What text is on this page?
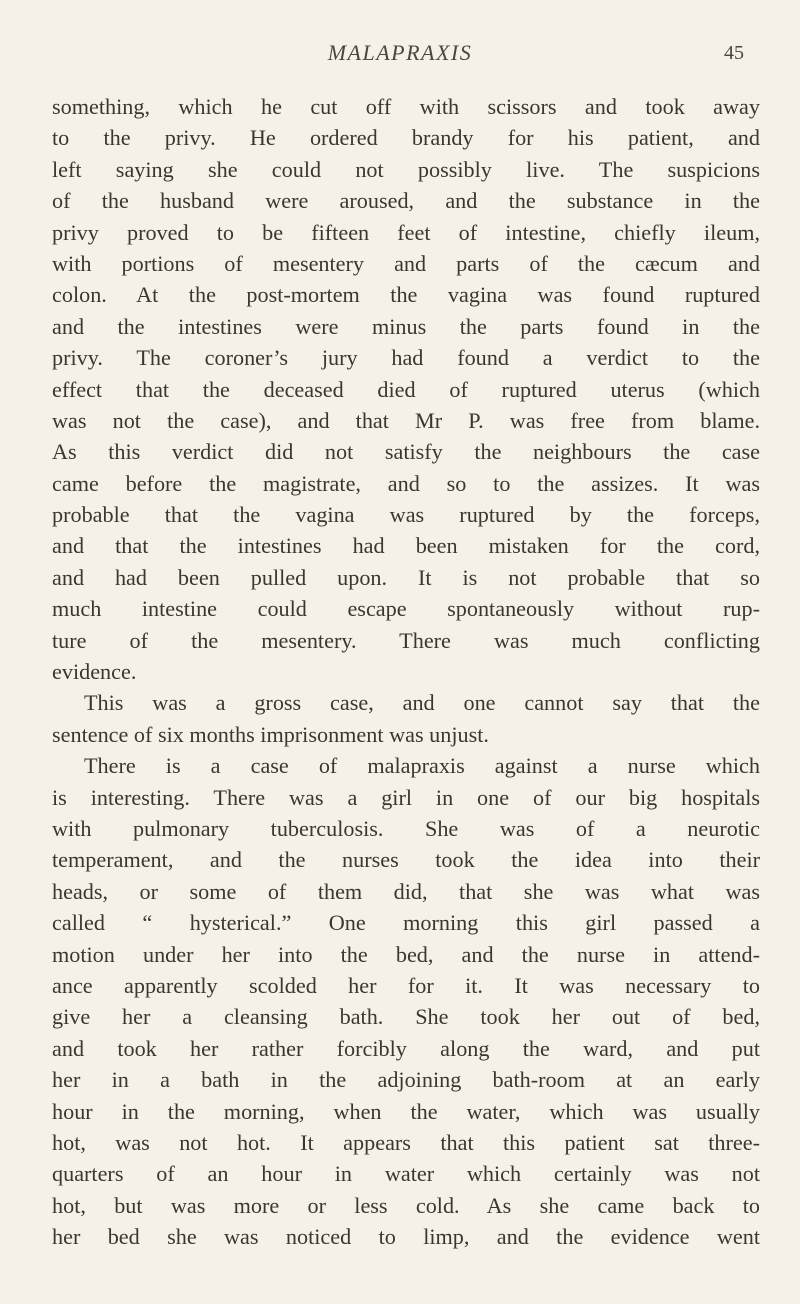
MALAPRAXIS	45
something, which he cut off with scissors and took away
to the privy. He ordered brandy for his patient, and
left saying she could not possibly live. The suspicions
of the husband were aroused, and the substance in the
privy proved to be fifteen feet of intestine, chiefly ileum,
with portions of mesentery and parts of the cæcum and
colon. At the post-mortem the vagina was found ruptured
and the intestines were minus the parts found in the
privy. The coroner’s jury had found a verdict to the
effect that the deceased died of ruptured uterus (which
was not the case), and that Mr P. was free from blame.
As this verdict did not satisfy the neighbours the case
came before the magistrate, and so to the assizes. It was
probable that the vagina was ruptured by the forceps,
and that the intestines had been mistaken for the cord,
and had been pulled upon. It is not probable that so
much intestine could escape spontaneously without rup-
ture of the mesentery. There was much conflicting
evidence.
This was a gross case, and one cannot say that the
sentence of six months imprisonment was unjust.
There is a case of malapraxis against a nurse which
is interesting. There was a girl in one of our big hospitals
with pulmonary tuberculosis. She was of a neurotic
temperament, and the nurses took the idea into their
heads, or some of them did, that she was what was
called “ hysterical.” One morning this girl passed a
motion under her into the bed, and the nurse in attend-
ance apparently scolded her for it. It was necessary to
give her a cleansing bath. She took her out of bed,
and took her rather forcibly along the ward, and put
her in a bath in the adjoining bath-room at an early
hour in the morning, when the water, which was usually
hot, was not hot. It appears that this patient sat three-
quarters of an hour in water which certainly was not
hot, but was more or less cold. As she came back to
her bed she was noticed to limp, and the evidence went
